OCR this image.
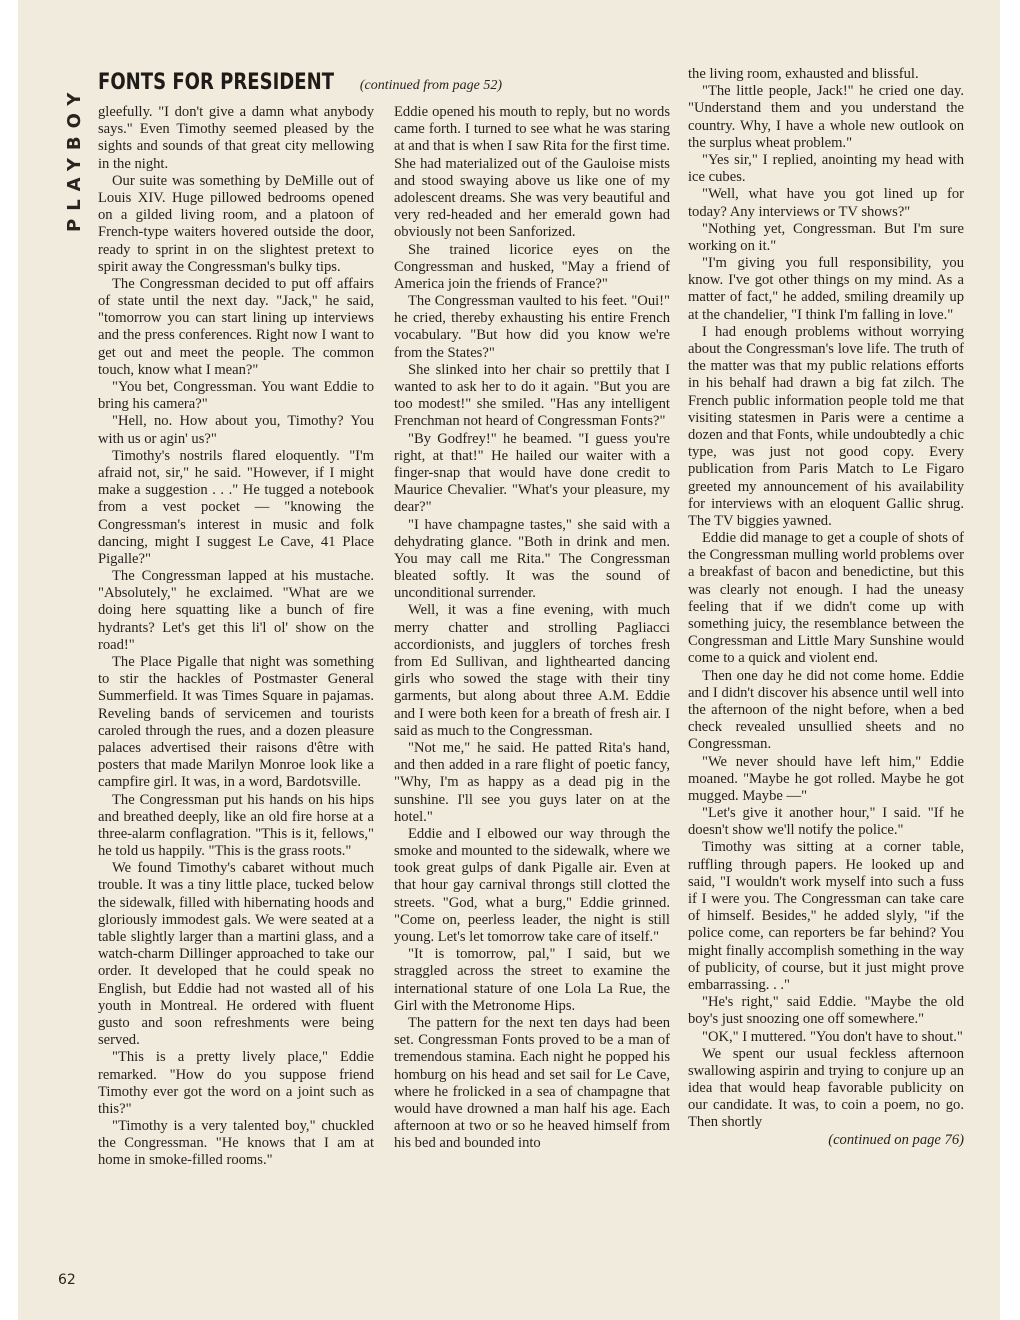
PLAYBOY
FONTS FOR PRESIDENT (continued from page 52)

gleefully. "I don't give a damn what anybody says." Even Timothy seemed pleased by the sights and sounds of that great city mellowing in the night.

Our suite was something by DeMille out of Louis XIV. Huge pillowed bedrooms opened on a gilded living room, and a platoon of French-type waiters hovered outside the door, ready to sprint in on the slightest pretext to spirit away the Congressman's bulky tips.

The Congressman decided to put off affairs of state until the next day. "Jack," he said, "tomorrow you can start lining up interviews and the press conferences. Right now I want to get out and meet the people. The common touch, know what I mean?"

"You bet, Congressman. You want Eddie to bring his camera?"

"Hell, no. How about you, Timothy? You with us or agin' us?"

Timothy's nostrils flared eloquently. "I'm afraid not, sir," he said. "However, if I might make a suggestion . . ." He tugged a notebook from a vest pocket — "knowing the Congressman's interest in music and folk dancing, might I suggest Le Cave, 41 Place Pigalle?"

The Congressman lapped at his mustache. "Absolutely," he exclaimed. "What are we doing here squatting like a bunch of fire hydrants? Let's get this li'l ol' show on the road!"

The Place Pigalle that night was something to stir the hackles of Postmaster General Summerfield. It was Times Square in pajamas. Reveling bands of servicemen and tourists caroled through the rues, and a dozen pleasure palaces advertised their raisons d'être with posters that made Marilyn Monroe look like a campfire girl. It was, in a word, Bardotsville.

The Congressman put his hands on his hips and breathed deeply, like an old fire horse at a three-alarm conflagration. "This is it, fellows," he told us happily. "This is the grass roots."

We found Timothy's cabaret without much trouble. It was a tiny little place, tucked below the sidewalk, filled with hibernating hoods and gloriously immodest gals. We were seated at a table slightly larger than a martini glass, and a watch-charm Dillinger approached to take our order. It developed that he could speak no English, but Eddie had not wasted all of his youth in Montreal. He ordered with fluent gusto and soon refreshments were being served.

"This is a pretty lively place," Eddie remarked. "How do you suppose friend Timothy ever got the word on a joint such as this?"

"Timothy is a very talented boy," chuckled the Congressman. "He knows that I am at home in smoke-filled rooms."

Eddie opened his mouth to reply, but no words came forth. I turned to see what he was staring at and that is when I saw Rita for the first time. She had materialized out of the Gauloise mists and stood swaying above us like one of my adolescent dreams. She was very beautiful and very red-headed and her emerald gown had obviously not been Sanforized.

She trained licorice eyes on the Congressman and husked, "May a friend of America join the friends of France?"

The Congressman vaulted to his feet. "Oui!" he cried, thereby exhausting his entire French vocabulary. "But how did you know we're from the States?"

She slinked into her chair so prettily that I wanted to ask her to do it again. "But you are too modest!" she smiled. "Has any intelligent Frenchman not heard of Congressman Fonts?"

"By Godfrey!" he beamed. "I guess you're right, at that!" He hailed our waiter with a finger-snap that would have done credit to Maurice Chevalier. "What's your pleasure, my dear?"

"I have champagne tastes," she said with a dehydrating glance. "Both in drink and men. You may call me Rita." The Congressman bleated softly. It was the sound of unconditional surrender.

Well, it was a fine evening, with much merry chatter and strolling Pagliacci accordionists, and jugglers of torches fresh from Ed Sullivan, and lighthearted dancing girls who sowed the stage with their tiny garments, but along about three A.M. Eddie and I were both keen for a breath of fresh air. I said as much to the Congressman.

"Not me," he said. He patted Rita's hand, and then added in a rare flight of poetic fancy, "Why, I'm as happy as a dead pig in the sunshine. I'll see you guys later on at the hotel."

Eddie and I elbowed our way through the smoke and mounted to the sidewalk, where we took great gulps of dank Pigalle air. Even at that hour gay carnival throngs still clotted the streets. "God, what a burg," Eddie grinned. "Come on, peerless leader, the night is still young. Let's let tomorrow take care of itself."

"It is tomorrow, pal," I said, but we straggled across the street to examine the international stature of one Lola La Rue, the Girl with the Metronome Hips.

The pattern for the next ten days had been set. Congressman Fonts proved to be a man of tremendous stamina. Each night he popped his homburg on his head and set sail for Le Cave, where he frolicked in a sea of champagne that would have drowned a man half his age. Each afternoon at two or so he heaved himself from his bed and bounded into

the living room, exhausted and blissful.

"The little people, Jack!" he cried one day. "Understand them and you understand the country. Why, I have a whole new outlook on the surplus wheat problem."

"Yes sir," I replied, anointing my head with ice cubes.

"Well, what have you got lined up for today? Any interviews or TV shows?"

"Nothing yet, Congressman. But I'm sure working on it."

"I'm giving you full responsibility, you know. I've got other things on my mind. As a matter of fact," he added, smiling dreamily up at the chandelier, "I think I'm falling in love."

I had enough problems without worrying about the Congressman's love life. The truth of the matter was that my public relations efforts in his behalf had drawn a big fat zilch. The French public information people told me that visiting statesmen in Paris were a centime a dozen and that Fonts, while undoubtedly a chic type, was just not good copy. Every publication from Paris Match to Le Figaro greeted my announcement of his availability for interviews with an eloquent Gallic shrug. The TV biggies yawned.

Eddie did manage to get a couple of shots of the Congressman mulling world problems over a breakfast of bacon and benedictine, but this was clearly not enough. I had the uneasy feeling that if we didn't come up with something juicy, the resemblance between the Congressman and Little Mary Sunshine would come to a quick and violent end.

Then one day he did not come home. Eddie and I didn't discover his absence until well into the afternoon of the night before, when a bed check revealed unsullied sheets and no Congressman.

"We never should have left him," Eddie moaned. "Maybe he got rolled. Maybe he got mugged. Maybe —"

"Let's give it another hour," I said. "If he doesn't show we'll notify the police."

Timothy was sitting at a corner table, ruffling through papers. He looked up and said, "I wouldn't work myself into such a fuss if I were you. The Congressman can take care of himself. Besides," he added slyly, "if the police come, can reporters be far behind? You might finally accomplish something in the way of publicity, of course, but it just might prove embarrassing. . ."

"He's right," said Eddie. "Maybe the old boy's just snoozing one off somewhere."

"OK," I muttered. "You don't have to shout."

We spent our usual feckless afternoon swallowing aspirin and trying to conjure up an idea that would heap favorable publicity on our candidate. It was, to coin a poem, no go. Then shortly

(continued on page 76)

62
